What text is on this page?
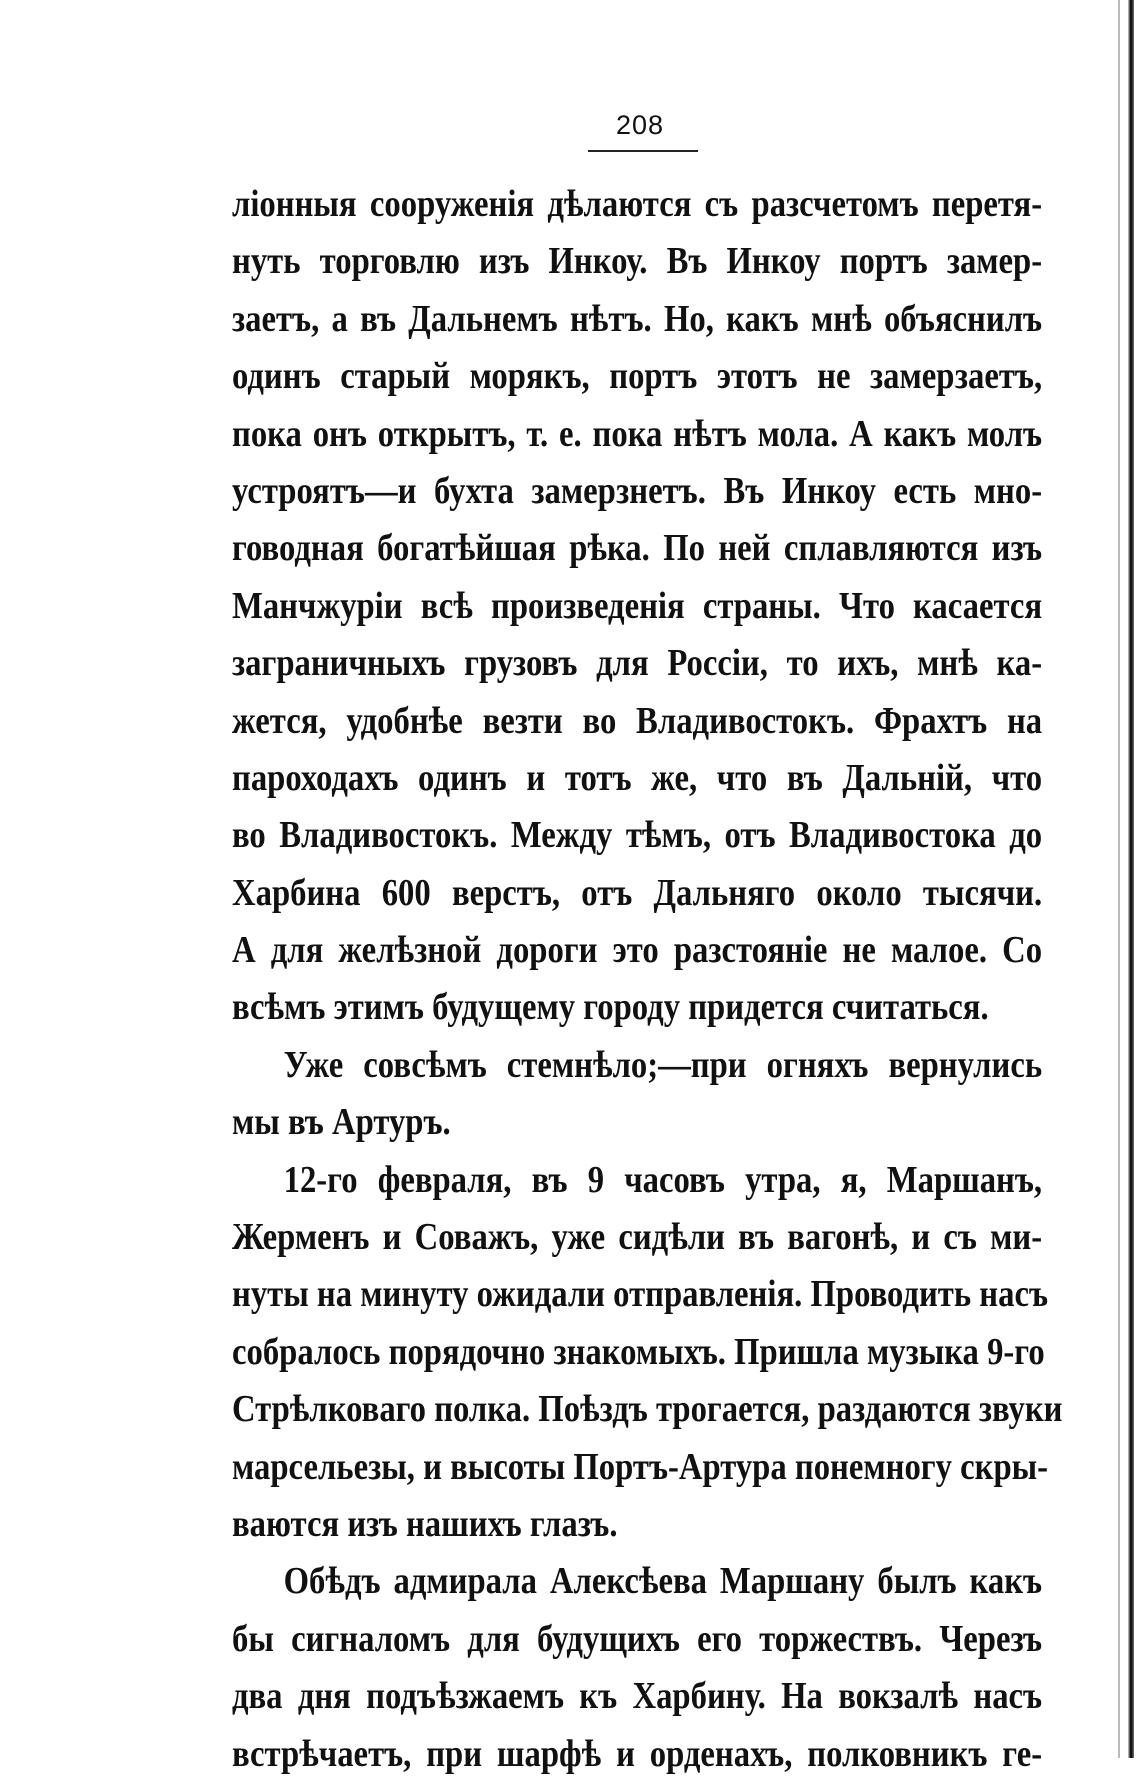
208
ліонныя сооруженія дѣлаются съ разсчетомъ перетя-
нуть торговлю изъ Инкоу. Въ Инкоу портъ замер-
заетъ, а въ Дальнемъ нѣтъ. Но, какъ мнѣ объяснилъ
одинъ старый морякъ, портъ этотъ не замерзаетъ,
пока онъ открытъ, т. е. пока нѣтъ мола. А какъ молъ
устроятъ—и бухта замерзнетъ. Въ Инкоу есть мно-
говодная богатѣйшая рѣка. По ней сплавляются изъ
Манчжуріи всѣ произведенія страны. Что касается
заграничныхъ грузовъ для Россіи, то ихъ, мнѣ ка-
жется, удобнѣе везти во Владивостокъ. Фрахтъ на
пароходахъ одинъ и тотъ же, что въ Дальній, что
во Владивостокъ. Между тѣмъ, отъ Владивостока до
Харбина 600 верстъ, отъ Дальняго около тысячи.
А для желѣзной дороги это разстояніе не малое. Со
всѣмъ этимъ будущему городу придется считаться.
Уже совсѣмъ стемнѣло;—при огняхъ вернулись
мы въ Артуръ.
12-го февраля, въ 9 часовъ утра, я, Маршанъ,
Жерменъ и Соважъ, уже сидѣли въ вагонѣ, и съ ми-
нуты на минуту ожидали отправленія. Проводить насъ
собралось порядочно знакомыхъ. Пришла музыка 9-го
Стрѣлковаго полка. Поѣздъ трогается, раздаются звуки
марсельезы, и высоты Портъ-Артура понемногу скры-
ваются изъ нашихъ глазъ.
Обѣдъ адмирала Алексѣева Маршану былъ какъ
бы сигналомъ для будущихъ его торжествъ. Черезъ
два дня подъѣзжаемъ къ Харбину. На вокзалѣ насъ
встрѣчаетъ, при шарфѣ и орденахъ, полковникъ ге-
